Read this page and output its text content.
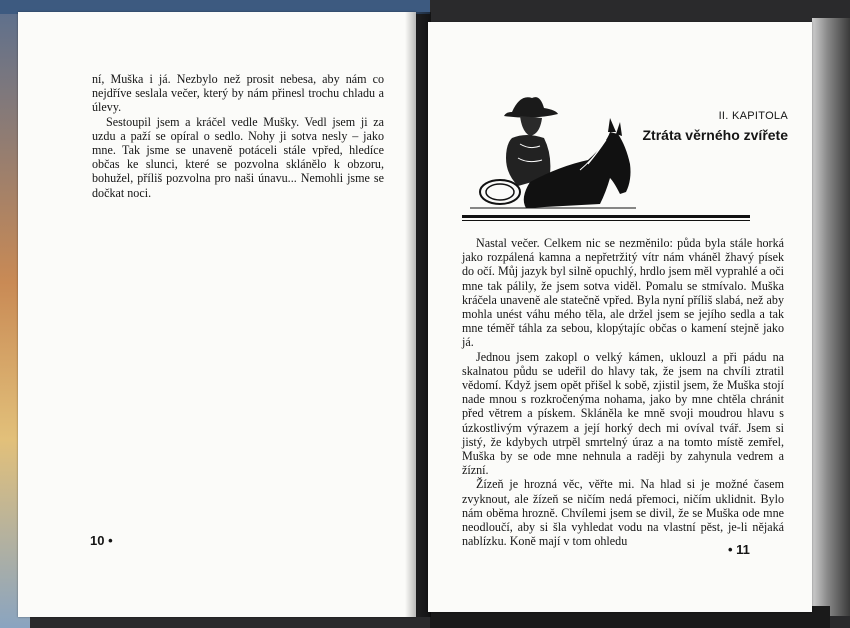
ní, Muška i já. Nezbylo než prosit nebesa, aby nám co nejdříve seslala večer, který by nám přinesl trochu chladu a úlevy.

Sestoupil jsem a kráčel vedle Mušky. Vedl jsem ji za uzdu a paží se opíral o sedlo. Nohy ji sotva nesly – jako mne. Tak jsme se unaveně potáceli stále vpřed, hledíce občas ke slunci, které se pozvolna sklánělo k obzoru, bohužel, příliš pozvolna pro naši únavu... Nemohli jsme se dočkat noci.

10 •
II. KAPITOLA
Ztráta věrného zvířete

Nastal večer. Celkem nic se nezměnilo: půda byla stále horká jako rozpálená kamna a nepřetržitý vítr nám vháněl žhavý písek do očí. Můj jazyk byl silně opuchlý, hrdlo jsem měl vyprahlé a oči mne tak pálily, že jsem sotva viděl. Pomalu se stmívalo. Muška kráčela unaveně ale statečně vpřed. Byla nyní příliš slabá, než aby mohla unést váhu mého těla, ale držel jsem se jejího sedla a tak mne téměř táhla za sebou, klopýtajíc občas o kamení stejně jako já.

Jednou jsem zakopl o velký kámen, uklouzl a při pádu na skalnatou půdu se udeřil do hlavy tak, že jsem na chvíli ztratil vědomí. Když jsem opět přišel k sobě, zjistil jsem, že Muška stojí nade mnou s rozkročenýma nohama, jako by mne chtěla chránit před větrem a pískem. Skláněla ke mně svoji moudrou hlavu s úzkostlivým výrazem a její horký dech mi ovíval tvář. Jsem si jistý, že kdybych utrpěl smrtelný úraz a na tomto místě zemřel, Muška by se ode mne nehnula a raději by zahynula vedrem a žízní.

Žízeň je hrozná věc, věřte mi. Na hlad si je možné časem zvyknout, ale žízeň se ničím nedá přemoci, ničím uklidnit. Bylo nám oběma hrozně. Chvílemi jsem se divil, že se Muška ode mne neodloučí, aby si šla vyhledat vodu na vlastní pěst, je-li nějaká nablízku. Koně mají v tom ohledu

• 11
